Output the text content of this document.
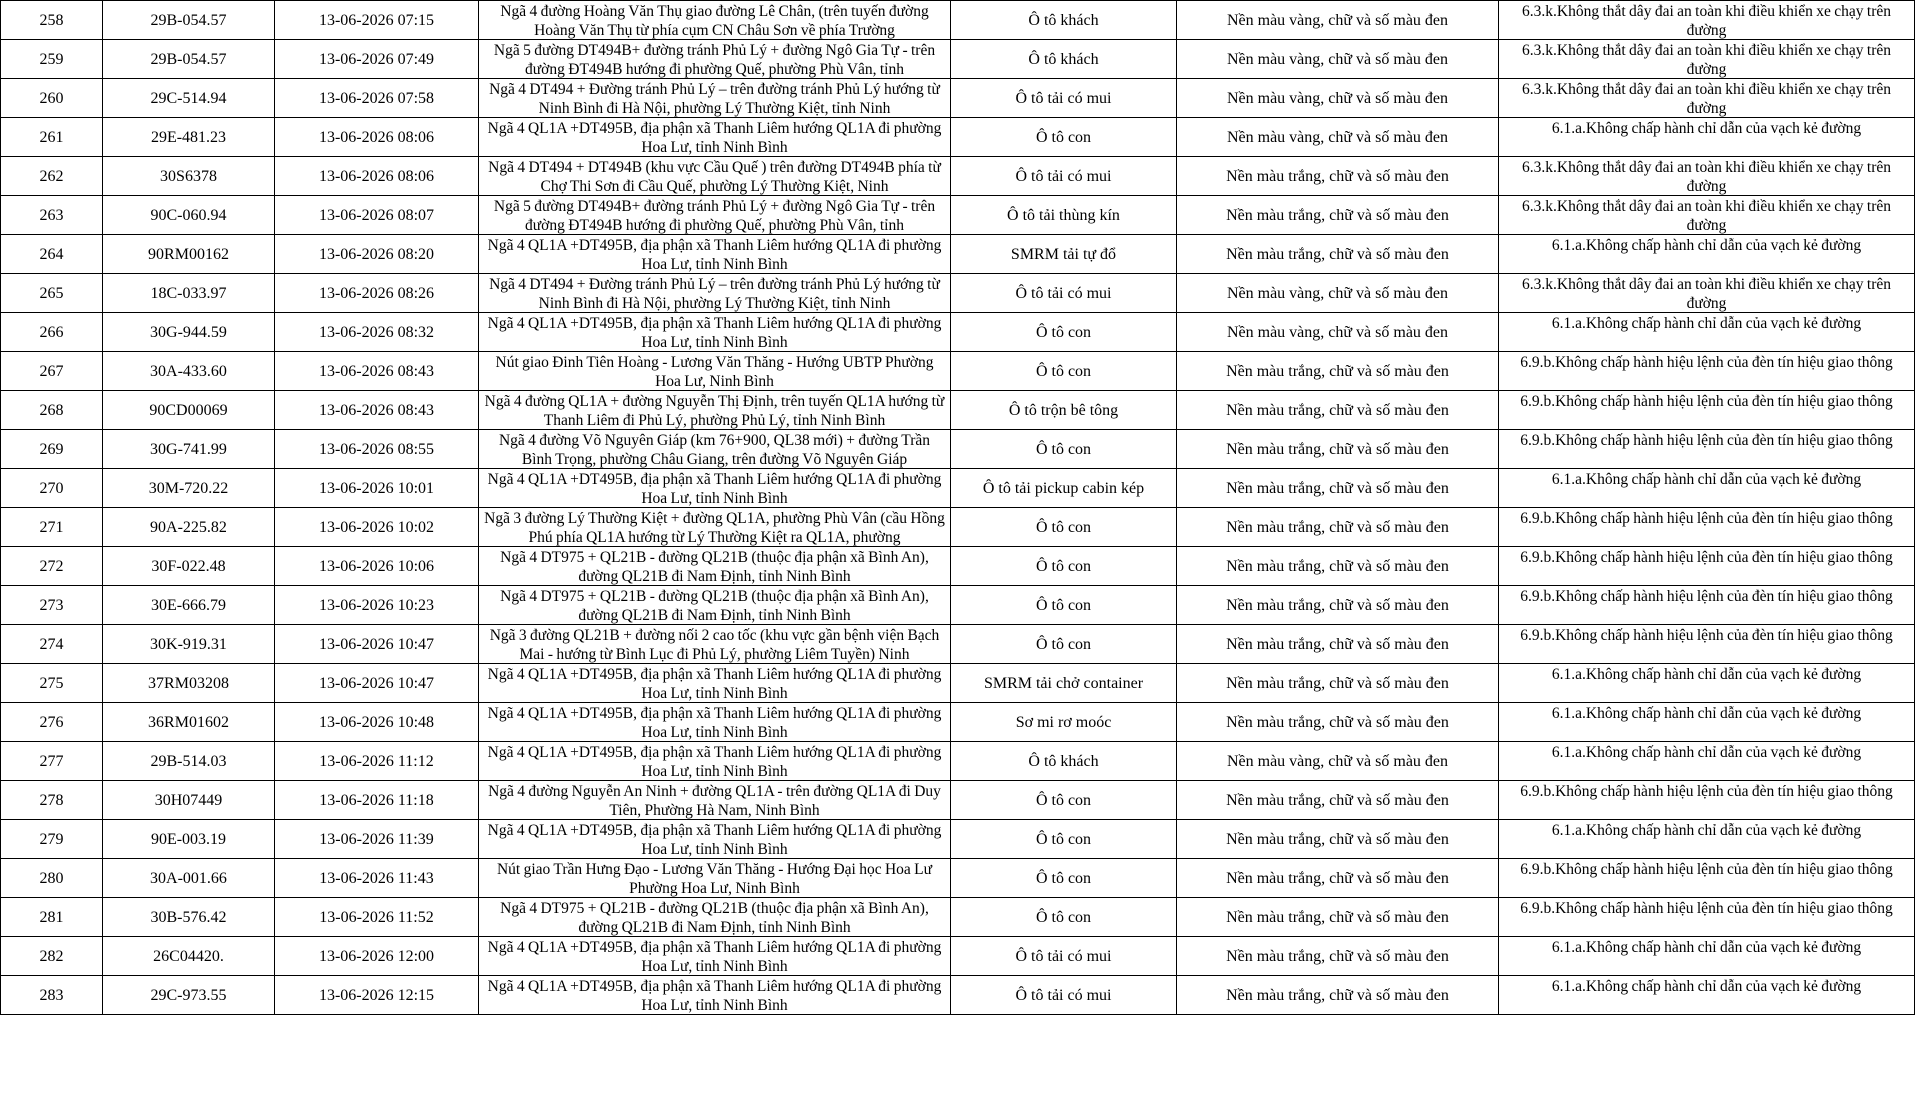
258	29B-054.57	13-06-2026 07:15	Ngã 4 đường Hoàng Văn Thụ giao đường Lê Chân, (trên tuyến đường Hoàng Văn Thụ từ phía cụm CN Châu Sơn về phía Trường	Ô tô khách	Nền màu vàng, chữ và số màu đen	6.3.k.Không thắt dây đai an toàn khi điều khiển xe chạy trên đường

259	29B-054.57	13-06-2026 07:49	Ngã 5 đường DT494B+ đường tránh Phủ Lý + đường Ngô Gia Tự - trên đường ĐT494B hướng đi phường Quế, phường Phù Vân, tỉnh	Ô tô khách	Nền màu vàng, chữ và số màu đen	6.3.k.Không thắt dây đai an toàn khi điều khiển xe chạy trên đường

260	29C-514.94	13-06-2026 07:58	Ngã 4 DT494 + Đường tránh Phủ Lý – trên đường tránh Phủ Lý hướng từ Ninh Bình đi Hà Nội, phường Lý Thường Kiệt, tỉnh Ninh	Ô tô tải có mui	Nền màu vàng, chữ và số màu đen	6.3.k.Không thắt dây đai an toàn khi điều khiển xe chạy trên đường

261	29E-481.23	13-06-2026 08:06	Ngã 4 QL1A +DT495B, địa phận xã Thanh Liêm hướng QL1A đi phường Hoa Lư, tỉnh Ninh Bình	Ô tô con	Nền màu vàng, chữ và số màu đen	6.1.a.Không chấp hành chỉ dẫn của vạch kẻ đường

262	30S6378	13-06-2026 08:06	Ngã 4 DT494 + DT494B (khu vực Cầu Quế ) trên đường DT494B phía từ Chợ Thi Sơn đi Cầu Quế, phường Lý Thường Kiệt, Ninh	Ô tô tải có mui	Nền màu trắng, chữ và số màu đen	6.3.k.Không thắt dây đai an toàn khi điều khiển xe chạy trên đường

263	90C-060.94	13-06-2026 08:07	Ngã 5 đường DT494B+ đường tránh Phủ Lý + đường Ngô Gia Tự - trên đường ĐT494B hướng đi phường Quế, phường Phù Vân, tỉnh	Ô tô tải thùng kín	Nền màu trắng, chữ và số màu đen	6.3.k.Không thắt dây đai an toàn khi điều khiển xe chạy trên đường

264	90RM00162	13-06-2026 08:20	Ngã 4 QL1A +DT495B, địa phận xã Thanh Liêm hướng QL1A đi phường Hoa Lư, tỉnh Ninh Bình	SMRM tải tự đổ	Nền màu trắng, chữ và số màu đen	6.1.a.Không chấp hành chỉ dẫn của vạch kẻ đường

265	18C-033.97	13-06-2026 08:26	Ngã 4 DT494 + Đường tránh Phủ Lý – trên đường tránh Phủ Lý hướng từ Ninh Bình đi Hà Nội, phường Lý Thường Kiệt, tỉnh Ninh	Ô tô tải có mui	Nền màu vàng, chữ và số màu đen	6.3.k.Không thắt dây đai an toàn khi điều khiển xe chạy trên đường

266	30G-944.59	13-06-2026 08:32	Ngã 4 QL1A +DT495B, địa phận xã Thanh Liêm hướng QL1A đi phường Hoa Lư, tỉnh Ninh Bình	Ô tô con	Nền màu vàng, chữ và số màu đen	6.1.a.Không chấp hành chỉ dẫn của vạch kẻ đường

267	30A-433.60	13-06-2026 08:43	Nút giao Đinh Tiên Hoàng - Lương Văn Thăng - Hướng UBTP Phường Hoa Lư, Ninh Bình	Ô tô con	Nền màu trắng, chữ và số màu đen	6.9.b.Không chấp hành hiệu lệnh của đèn tín hiệu giao thông

268	90CD00069	13-06-2026 08:43	Ngã 4 đường QL1A + đường Nguyễn Thị Định, trên tuyến QL1A hướng từ Thanh Liêm đi Phủ Lý, phường Phủ Lý, tỉnh Ninh Bình	Ô tô trộn bê tông	Nền màu trắng, chữ và số màu đen	6.9.b.Không chấp hành hiệu lệnh của đèn tín hiệu giao thông

269	30G-741.99	13-06-2026 08:55	Ngã 4 đường Võ Nguyên Giáp (km 76+900, QL38 mới) + đường Trần Bình Trọng, phường Châu Giang, trên đường Võ Nguyên Giáp	Ô tô con	Nền màu trắng, chữ và số màu đen	6.9.b.Không chấp hành hiệu lệnh của đèn tín hiệu giao thông

270	30M-720.22	13-06-2026 10:01	Ngã 4 QL1A +DT495B, địa phận xã Thanh Liêm hướng QL1A đi phường Hoa Lư, tỉnh Ninh Bình	Ô tô tải pickup cabin kép	Nền màu trắng, chữ và số màu đen	6.1.a.Không chấp hành chỉ dẫn của vạch kẻ đường

271	90A-225.82	13-06-2026 10:02	Ngã 3 đường Lý Thường Kiệt + đường QL1A, phường Phù Vân (cầu Hồng Phú phía QL1A hướng từ Lý Thường Kiệt ra QL1A, phường	Ô tô con	Nền màu trắng, chữ và số màu đen	6.9.b.Không chấp hành hiệu lệnh của đèn tín hiệu giao thông

272	30F-022.48	13-06-2026 10:06	Ngã 4 DT975 + QL21B - đường QL21B (thuộc địa phận xã Bình An), đường QL21B đi Nam Định, tỉnh Ninh Bình	Ô tô con	Nền màu trắng, chữ và số màu đen	6.9.b.Không chấp hành hiệu lệnh của đèn tín hiệu giao thông

273	30E-666.79	13-06-2026 10:23	Ngã 4 DT975 + QL21B - đường QL21B (thuộc địa phận xã Bình An), đường QL21B đi Nam Định, tỉnh Ninh Bình	Ô tô con	Nền màu trắng, chữ và số màu đen	6.9.b.Không chấp hành hiệu lệnh của đèn tín hiệu giao thông

274	30K-919.31	13-06-2026 10:47	Ngã 3 đường QL21B + đường nối 2 cao tốc (khu vực gần bệnh viện Bạch Mai - hướng từ Bình Lục đi Phủ Lý, phường Liêm Tuyền) Ninh	Ô tô con	Nền màu trắng, chữ và số màu đen	6.9.b.Không chấp hành hiệu lệnh của đèn tín hiệu giao thông

275	37RM03208	13-06-2026 10:47	Ngã 4 QL1A +DT495B, địa phận xã Thanh Liêm hướng QL1A đi phường Hoa Lư, tỉnh Ninh Bình	SMRM tải chở container	Nền màu trắng, chữ và số màu đen	6.1.a.Không chấp hành chỉ dẫn của vạch kẻ đường

276	36RM01602	13-06-2026 10:48	Ngã 4 QL1A +DT495B, địa phận xã Thanh Liêm hướng QL1A đi phường Hoa Lư, tỉnh Ninh Bình	Sơ mi rơ moóc	Nền màu trắng, chữ và số màu đen	6.1.a.Không chấp hành chỉ dẫn của vạch kẻ đường

277	29B-514.03	13-06-2026 11:12	Ngã 4 QL1A +DT495B, địa phận xã Thanh Liêm hướng QL1A đi phường Hoa Lư, tỉnh Ninh Bình	Ô tô khách	Nền màu vàng, chữ và số màu đen	6.1.a.Không chấp hành chỉ dẫn của vạch kẻ đường

278	30H07449	13-06-2026 11:18	Ngã 4 đường Nguyễn An Ninh + đường QL1A - trên đường QL1A đi Duy Tiên, Phường Hà Nam, Ninh Bình	Ô tô con	Nền màu trắng, chữ và số màu đen	6.9.b.Không chấp hành hiệu lệnh của đèn tín hiệu giao thông

279	90E-003.19	13-06-2026 11:39	Ngã 4 QL1A +DT495B, địa phận xã Thanh Liêm hướng QL1A đi phường Hoa Lư, tỉnh Ninh Bình	Ô tô con	Nền màu trắng, chữ và số màu đen	6.1.a.Không chấp hành chỉ dẫn của vạch kẻ đường

280	30A-001.66	13-06-2026 11:43	Nút giao Trần Hưng Đạo - Lương Văn Thăng - Hướng Đại học Hoa Lư Phường Hoa Lư, Ninh Bình	Ô tô con	Nền màu trắng, chữ và số màu đen	6.9.b.Không chấp hành hiệu lệnh của đèn tín hiệu giao thông

281	30B-576.42	13-06-2026 11:52	Ngã 4 DT975 + QL21B - đường QL21B (thuộc địa phận xã Bình An), đường QL21B đi Nam Định, tỉnh Ninh Bình	Ô tô con	Nền màu trắng, chữ và số màu đen	6.9.b.Không chấp hành hiệu lệnh của đèn tín hiệu giao thông

282	26C04420.	13-06-2026 12:00	Ngã 4 QL1A +DT495B, địa phận xã Thanh Liêm hướng QL1A đi phường Hoa Lư, tỉnh Ninh Bình	Ô tô tải có mui	Nền màu trắng, chữ và số màu đen	6.1.a.Không chấp hành chỉ dẫn của vạch kẻ đường

283	29C-973.55	13-06-2026 12:15	Ngã 4 QL1A +DT495B, địa phận xã Thanh Liêm hướng QL1A đi phường Hoa Lư, tỉnh Ninh Bình	Ô tô tải có mui	Nền màu trắng, chữ và số màu đen	6.1.a.Không chấp hành chỉ dẫn của vạch kẻ đường
